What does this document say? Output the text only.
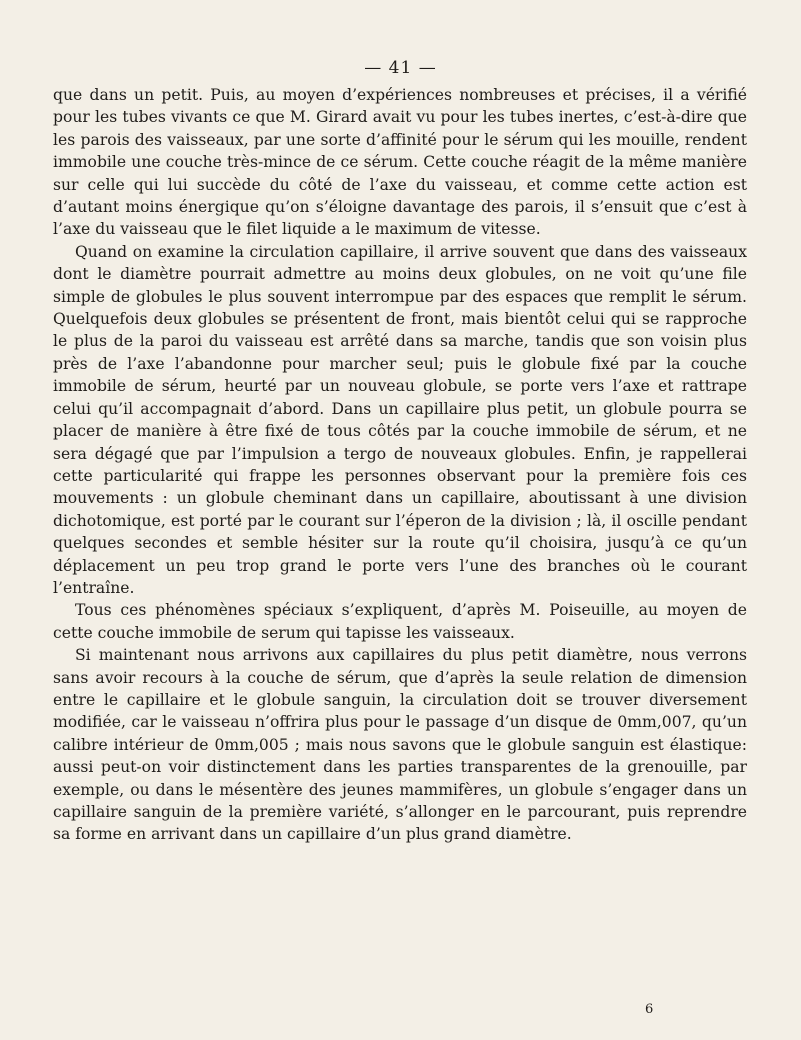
— 41 —

que dans un petit. Puis, au moyen d’expériences nombreuses et précises, il a vérifié pour les tubes vivants ce que M. Girard avait vu pour les tubes inertes, c’est-à-dire que les parois des vaisseaux, par une sorte d’affinité pour le sérum qui les mouille, rendent immobile une couche très-mince de ce sérum. Cette couche réagit de la même manière sur celle qui lui succède du côté de l’axe du vaisseau, et comme cette action est d’autant moins énergique qu’on s’éloigne davantage des parois, il s’ensuit que c’est à l’axe du vaisseau que le filet liquide a le maximum de vitesse.

Quand on examine la circulation capillaire, il arrive souvent que dans des vaisseaux dont le diamètre pourrait admettre au moins deux globules, on ne voit qu’une file simple de globules le plus souvent interrompue par des espaces que remplit le sérum. Quelquefois deux globules se présentent de front, mais bientôt celui qui se rapproche le plus de la paroi du vaisseau est arrêté dans sa marche, tandis que son voisin plus près de l’axe l’abandonne pour marcher seul; puis le globule fixé par la couche immobile de sérum, heurté par un nouveau globule, se porte vers l’axe et rattrape celui qu’il accompagnait d’abord. Dans un capillaire plus petit, un globule pourra se placer de manière à être fixé de tous côtés par la couche immobile de sérum, et ne sera dégagé que par l’impulsion a tergo de nouveaux globules. Enfin, je rappellerai cette particularité qui frappe les personnes observant pour la première fois ces mouvements : un globule cheminant dans un capillaire, aboutissant à une division dichotomique, est porté par le courant sur l’éperon de la division ; là, il oscille pendant quelques secondes et semble hésiter sur la route qu’il choisira, jusqu’à ce qu’un déplacement un peu trop grand le porte vers l’une des branches où le courant l’entraîne.

Tous ces phénomènes spéciaux s’expliquent, d’après M. Poiseuille, au moyen de cette couche immobile de serum qui tapisse les vaisseaux.

Si maintenant nous arrivons aux capillaires du plus petit diamètre, nous verrons sans avoir recours à la couche de sérum, que d’après la seule relation de dimension entre le capillaire et le globule sanguin, la circulation doit se trouver diversement modifiée, car le vaisseau n’offrira plus pour le passage d’un disque de 0mm,007, qu’un calibre intérieur de 0mm,005 ; mais nous savons que le globule sanguin est élastique: aussi peut-on voir distinctement dans les parties transparentes de la grenouille, par exemple, ou dans le mésentère des jeunes mammifères, un globule s’engager dans un capillaire sanguin de la première variété, s’allonger en le parcourant, puis reprendre sa forme en arrivant dans un capillaire d’un plus grand diamètre.

6
